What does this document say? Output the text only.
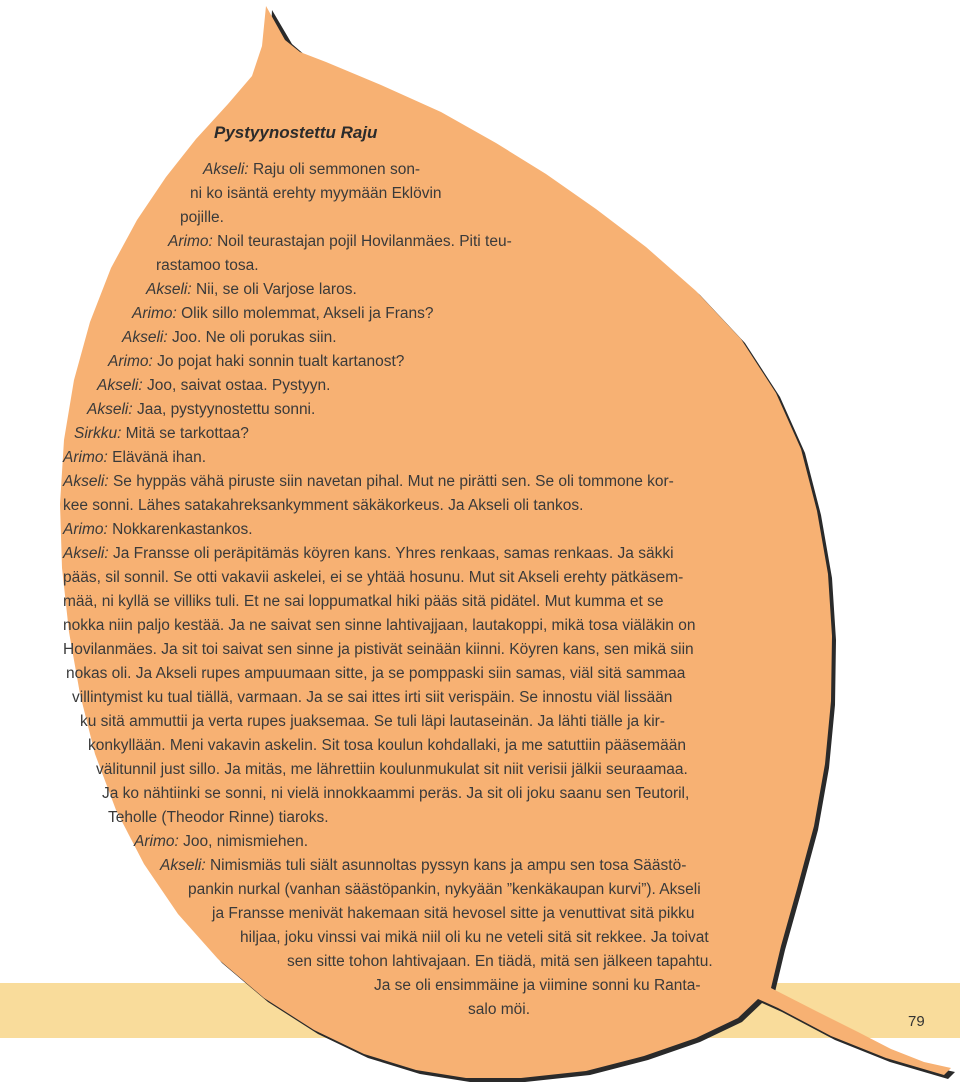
Pystyynostettu Raju

Akseli: Raju oli semmonen son-

ni ko isäntä erehty myymään Eklövin

pojille.

Arimo: Noil teurastajan pojil Hovilanmäes. Piti teu-

rastamoo tosa.

Akseli: Nii, se oli Varjose laros.

Arimo: Olik sillo molemmat, Akseli ja Frans?

Akseli: Joo. Ne oli porukas siin.

Arimo: Jo pojat haki sonnin tualt kartanost?

Akseli: Joo, saivat ostaa. Pystyyn.

Akseli: Jaa, pystyynostettu sonni.

Sirkku: Mitä se tarkottaa?

Arimo: Elävänä ihan.

Akseli: Se hyppäs vähä piruste siin navetan pihal. Mut ne pirätti sen. Se oli tommone kor-

kee sonni. Lähes satakahreksankymment säkäkorkeus. Ja Akseli oli tankos.

Arimo: Nokkarenkastankos.

Akseli: Ja Fransse oli peräpitämäs köyren kans. Yhres renkaas, samas renkaas. Ja säkki

pääs, sil sonnil. Se otti vakavii askelei, ei se yhtää hosunu. Mut sit Akseli erehty pätkäsem-

mää, ni kyllä se villiks tuli. Et ne sai loppumatkal hiki pääs sitä pidätel. Mut kumma et se

nokka niin paljo kestää. Ja ne saivat sen sinne lahtivajjaan, lautakoppi, mikä tosa viäläkin on

Hovilanmäes. Ja sit toi saivat sen sinne ja pistivät seinään kiinni. Köyren kans, sen mikä siin

nokas oli. Ja Akseli rupes ampuumaan sitte, ja se pomppaski siin samas, viäl sitä sammaa

villintymist ku tual tiällä, varmaan. Ja se sai ittes irti siit verispäin. Se innostu viäl lissään

ku sitä ammuttii ja verta rupes juaksemaa. Se tuli läpi lautaseinän. Ja lähti tiälle ja kir-

konkyllään. Meni vakavin askelin. Sit tosa koulun kohdallaki, ja me satuttiin pääsemään

välitunnil just sillo. Ja mitäs, me lährettiin koulunmukulat sit niit verisii jälkii seuraamaa.

Ja ko nähtiinki se sonni, ni vielä innokkaammi peräs. Ja sit oli joku saanu sen Teutoril,

Teholle (Theodor Rinne) tiaroks.

Arimo: Joo, nimismiehen.

Akseli: Nimismiäs tuli siält asunnoltas pyssyn kans ja ampu sen tosa Säästö-

pankin nurkal (vanhan säästöpankin, nykyään ”kenkäkaupan kurvi”). Akseli

ja Fransse menivät hakemaan sitä hevosel sitte ja venuttivat sitä pikku

hiljaa, joku vinssi vai mikä niil oli ku ne veteli sitä sit rekkee. Ja toivat

sen sitte tohon lahtivajaan. En tiädä, mitä sen jälkeen tapahtu.

Ja se oli ensimmäine ja viimine sonni ku Ranta-

salo möi.

79
